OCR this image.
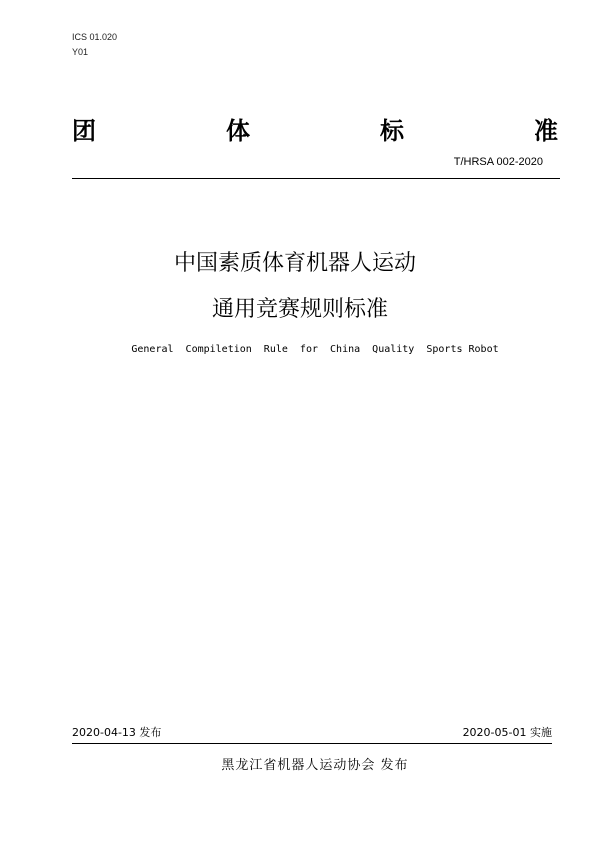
ICS 01.020
Y01
团	体	标	准
T/HRSA 002-2020
中国素质体育机器人运动
通用竞赛规则标准
General  Compiletion  Rule  for  China  Quality  Sports Robot
2020-04-13 发布	2020-05-01 实施
黑龙江省机器人运动协会 发布
